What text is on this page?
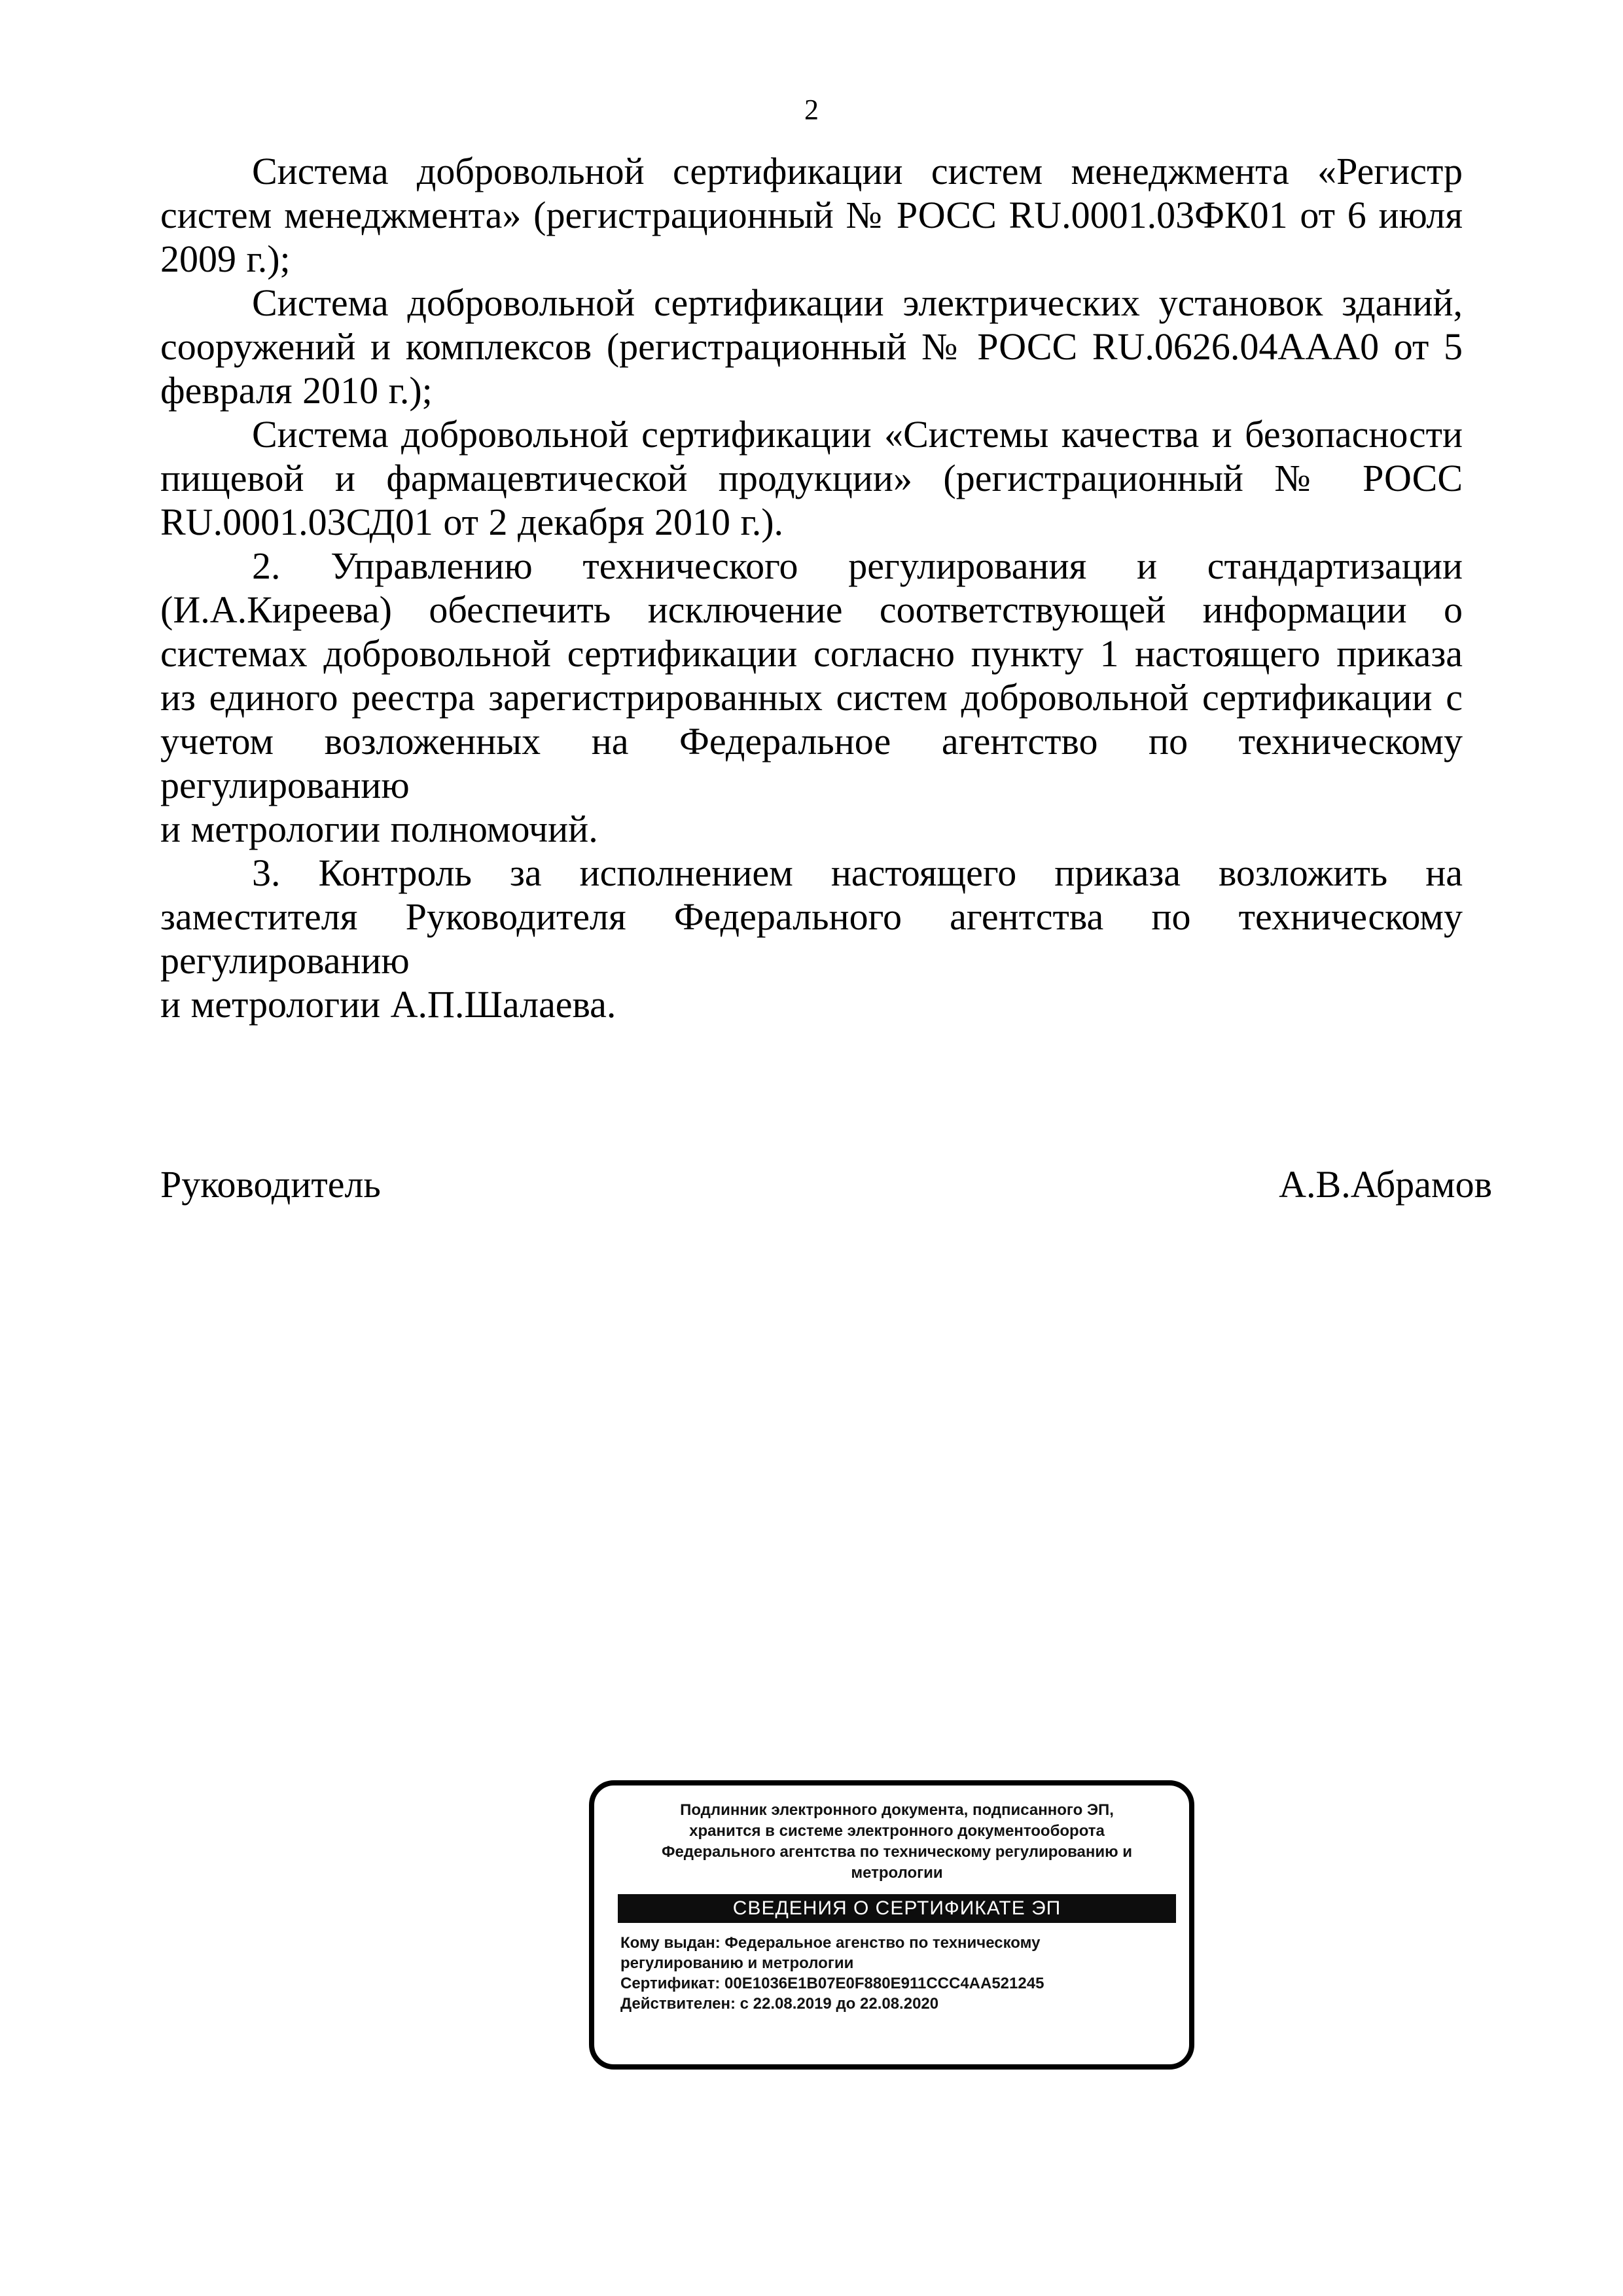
2

Система добровольной сертификации систем менеджмента «Регистр систем менеджмента» (регистрационный № РОСС RU.0001.03ФК01 от 6 июля 2009 г.);

Система добровольной сертификации электрических установок зданий, сооружений и комплексов (регистрационный № РОСС RU.0626.04ААА0 от 5 февраля 2010 г.);

Система добровольной сертификации «Системы качества и безопасности пищевой и фармацевтической продукции» (регистрационный № РОСС RU.0001.03СД01 от 2 декабря 2010 г.).

2. Управлению технического регулирования и стандартизации (И.А.Киреева) обеспечить исключение соответствующей информации о системах добровольной сертификации согласно пункту 1 настоящего приказа из единого реестра зарегистрированных систем добровольной сертификации с учетом возложенных на Федеральное агентство по техническому регулированию

и метрологии полномочий.

3. Контроль за исполнением настоящего приказа возложить на заместителя Руководителя Федерального агентства по техническому регулированию

и метрологии А.П.Шалаева.

Руководитель	А.В.Абрамов
Подлинник электронного документа, подписанного ЭП,
хранится в системе электронного документооборота
Федерального агентства по техническому регулированию и
метрологии
СВЕДЕНИЯ О СЕРТИФИКАТЕ ЭП
Кому выдан: Федеральное агенство по техническому
регулированию и метрологии
Сертификат: 00E1036E1B07E0F880E911CCC4AA521245
Действителен: с 22.08.2019 до 22.08.2020
